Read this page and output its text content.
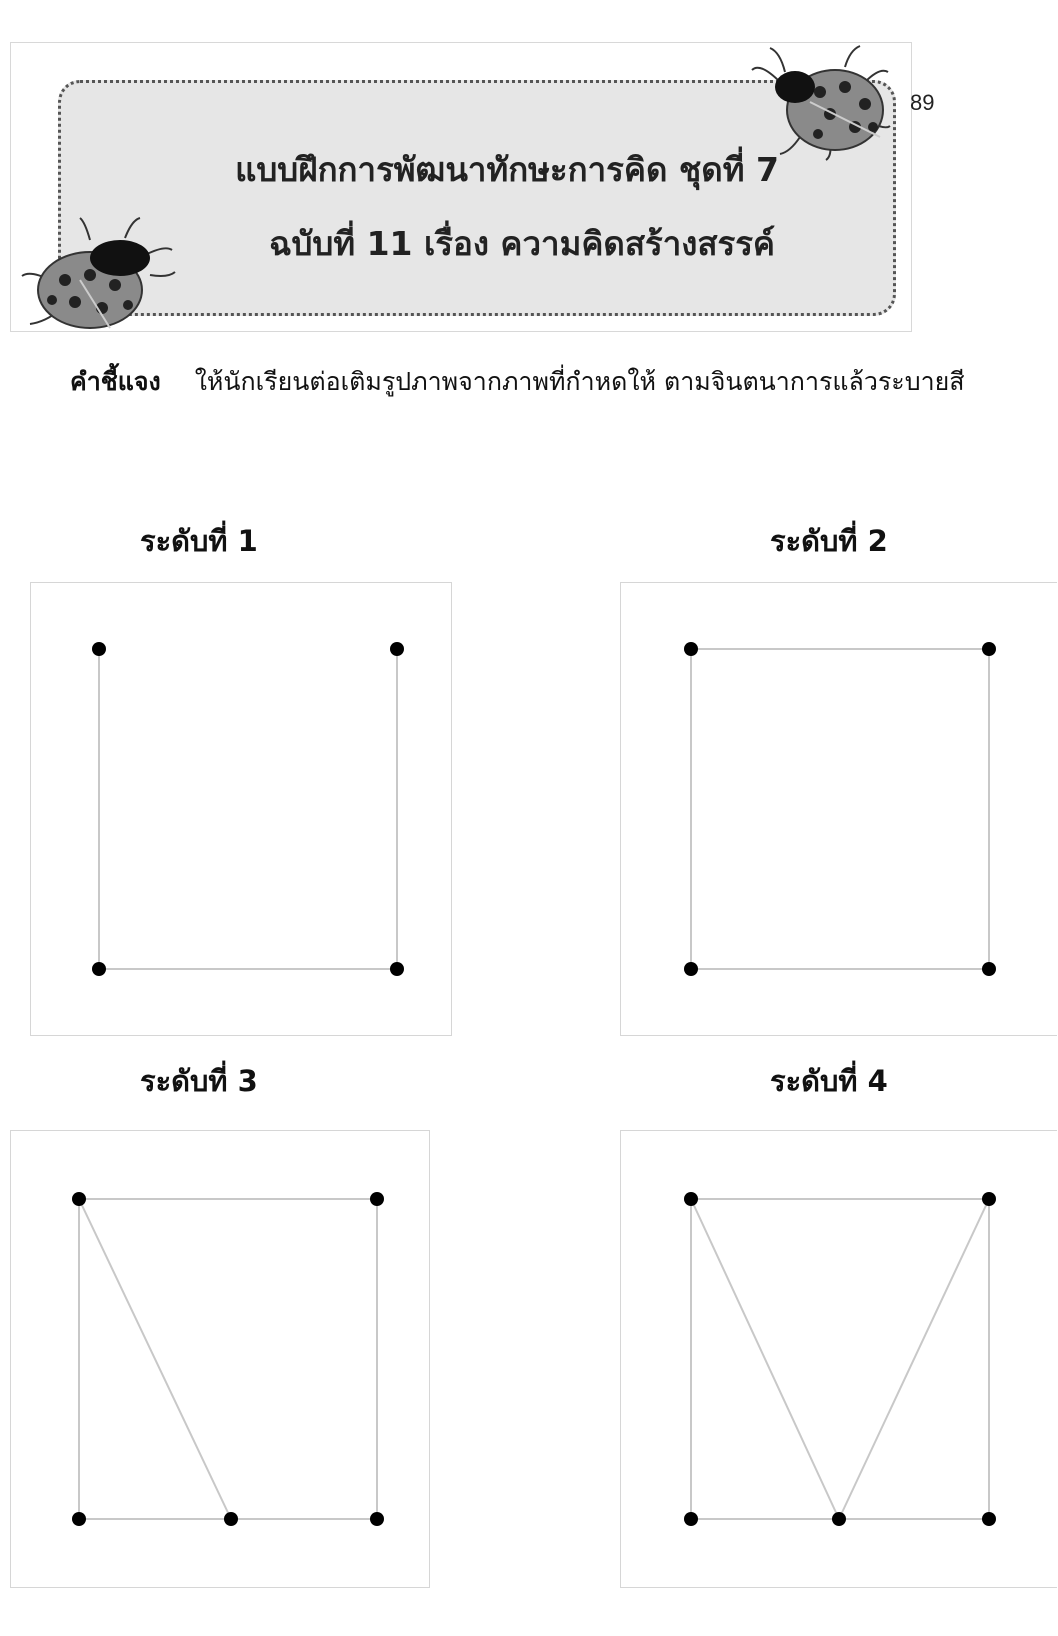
แบบฝึกการพัฒนาทักษะการคิด ชุดที่ 7
ฉบับที่ 11 เรื่อง ความคิดสร้างสรรค์
89
คำชี้แจง ให้นักเรียนต่อเติมรูปภาพจากภาพที่กำหดให้ ตามจินตนาการแล้วระบายสี
ระดับที่ 1	ระดับที่ 2
ระดับที่ 3	ระดับที่ 4
